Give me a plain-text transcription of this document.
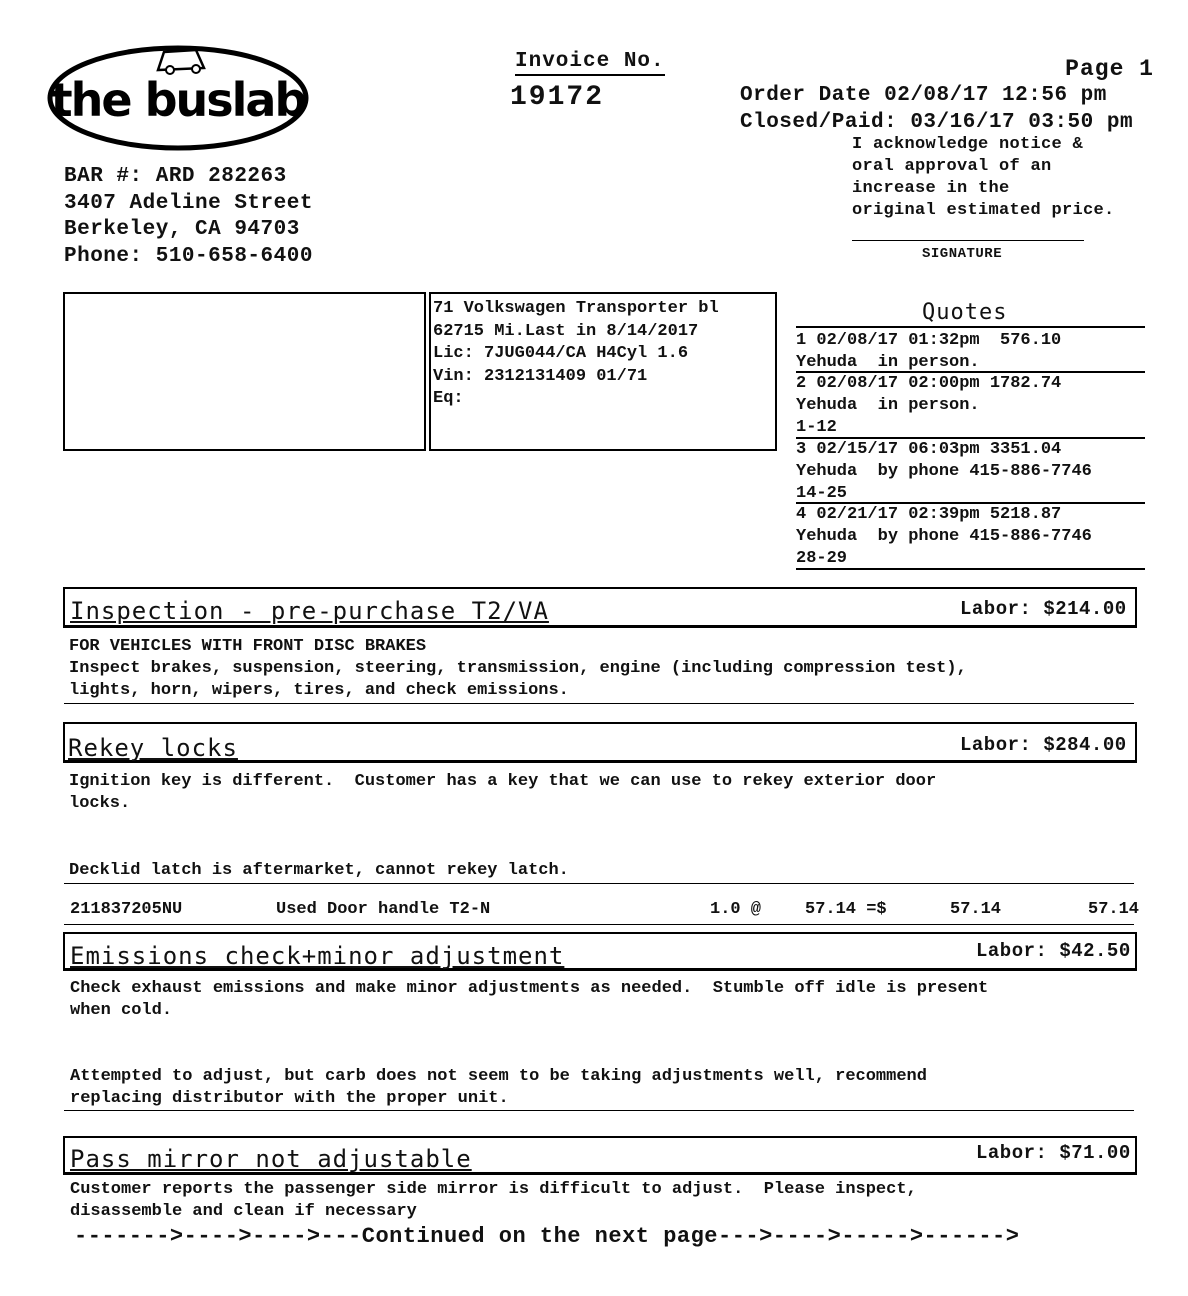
the buslab
BAR #: ARD 282263
3407 Adeline Street
Berkeley, CA 94703
Phone: 510-658-6400
Invoice No.
19172
Page 1
Order Date 02/08/17 12:56 pm
Closed/Paid: 03/16/17 03:50 pm
I acknowledge notice &
oral approval of an
increase in the
original estimated price.
SIGNATURE
71 Volkswagen Transporter bl
62715 Mi.Last in 8/14/2017
Lic: 7JUG044/CA H4Cyl 1.6
Vin: 2312131409 01/71
Eq:
Quotes
1 02/08/17 01:32pm  576.10
Yehuda  in person.
2 02/08/17 02:00pm 1782.74
Yehuda  in person.
1-12
3 02/15/17 06:03pm 3351.04
Yehuda  by phone 415-886-7746
14-25
4 02/21/17 02:39pm 5218.87
Yehuda  by phone 415-886-7746
28-29
Inspection - pre-purchase T2/VA	Labor: $214.00
FOR VEHICLES WITH FRONT DISC BRAKES
Inspect brakes, suspension, steering, transmission, engine (including compression test),
lights, horn, wipers, tires, and check emissions.
Rekey locks	Labor: $284.00
Ignition key is different.  Customer has a key that we can use to rekey exterior door
locks.
Decklid latch is aftermarket, cannot rekey latch.
211837205NU	Used Door handle T2-N	1.0 @	57.14 =$	57.14	57.14
Emissions check+minor adjustment	Labor: $42.50
Check exhaust emissions and make minor adjustments as needed.  Stumble off idle is present
when cold.
Attempted to adjust, but carb does not seem to be taking adjustments well, recommend
replacing distributor with the proper unit.
Pass mirror not adjustable	Labor: $71.00
Customer reports the passenger side mirror is difficult to adjust.  Please inspect,
disassemble and clean if necessary
------->---->---->---Continued on the next page--->---->----->------>
